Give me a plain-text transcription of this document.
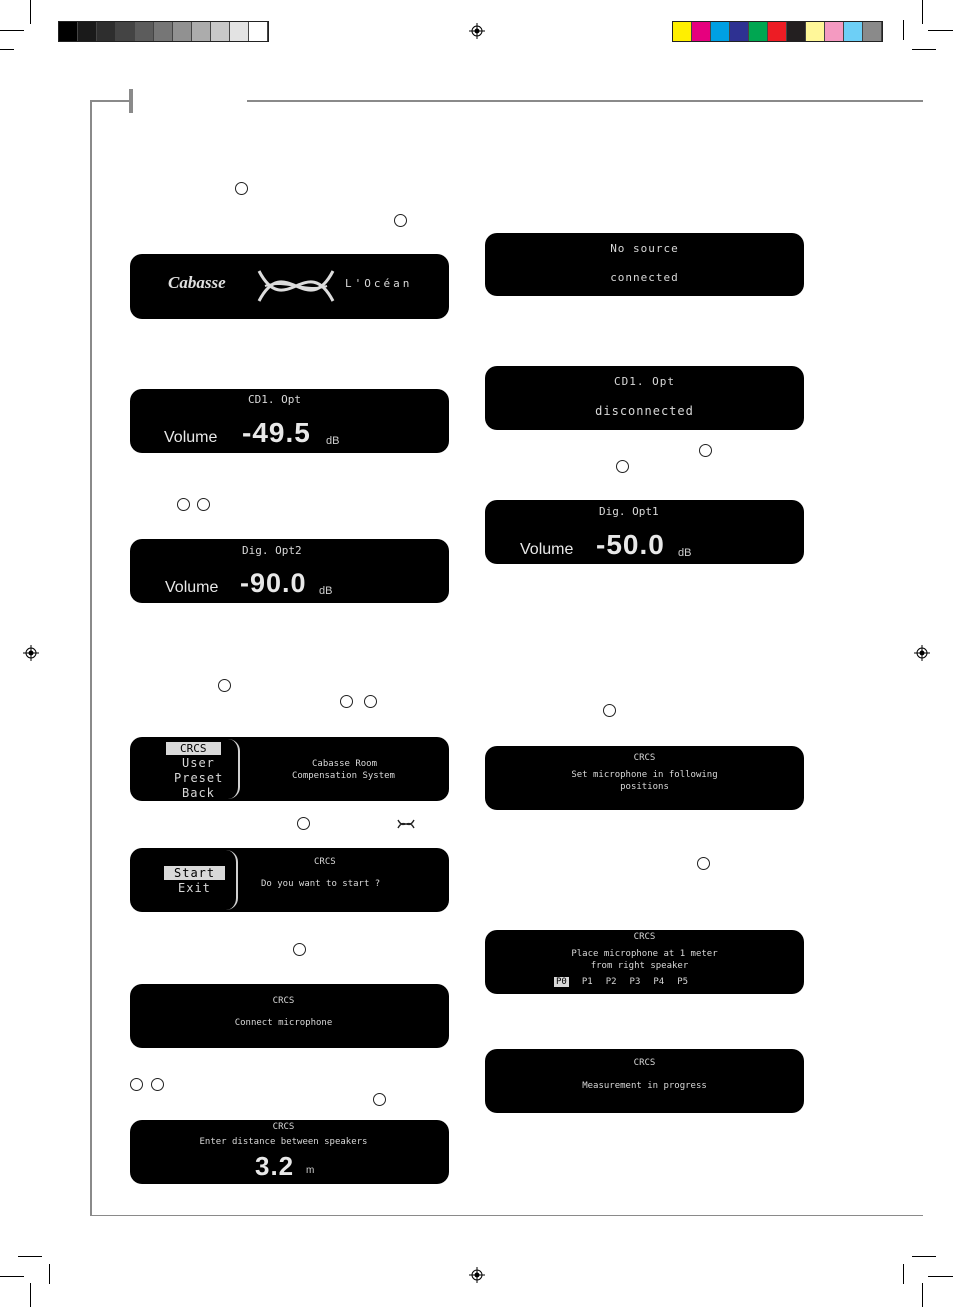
Cabasse	L'Océan
CD1. Opt
Volume -49.5 dB
Dig. Opt2
Volume -90.0 dB
CRCS
User
Preset
Back
Cabasse Room
Compensation System
Start
Exit
CRCS
Do you want to start ?
CRCS
Connect microphone
CRCS
Enter distance between speakers
3.2 m
No source
connected
CD1. Opt
disconnected
Dig. Opt1
Volume -50.0 dB
CRCS
Set microphone in following
positions
CRCS
Place microphone at 1 meter
from right speaker
P0 P1 P2 P3 P4 P5
CRCS
Measurement in progress
